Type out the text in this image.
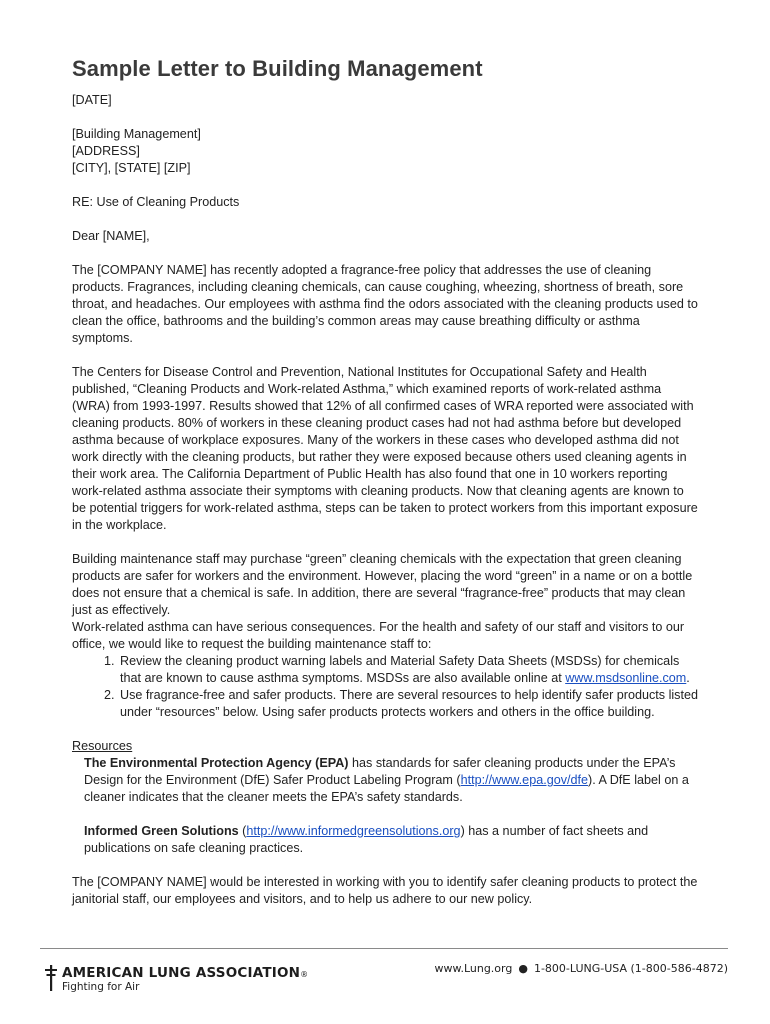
Sample Letter to Building Management

[DATE]

[Building Management]

[ADDRESS]

[CITY], [STATE] [ZIP]

RE: Use of Cleaning Products

Dear [NAME],

The [COMPANY NAME] has recently adopted a fragrance-free policy that addresses the use of cleaning products. Fragrances, including cleaning chemicals, can cause coughing, wheezing, shortness of breath, sore throat, and headaches. Our employees with asthma find the odors associated with the cleaning products used to clean the office, bathrooms and the building’s common areas may cause breathing difficulty or asthma symptoms.

The Centers for Disease Control and Prevention, National Institutes for Occupational Safety and Health published, “Cleaning Products and Work-related Asthma,” which examined reports of work-related asthma (WRA) from 1993-1997. Results showed that 12% of all confirmed cases of WRA reported were associated with cleaning products. 80% of workers in these cleaning product cases had not had asthma before but developed asthma because of workplace exposures. Many of the workers in these cases who developed asthma did not work directly with the cleaning products, but rather they were exposed because others used cleaning agents in their work area. The California Department of Public Health has also found that one in 10 workers reporting work-related asthma associate their symptoms with cleaning products. Now that cleaning agents are known to be potential triggers for work-related asthma, steps can be taken to protect workers from this important exposure in the workplace.

Building maintenance staff may purchase “green” cleaning chemicals with the expectation that green cleaning products are safer for workers and the environment. However, placing the word “green” in a name or on a bottle does not ensure that a chemical is safe. In addition, there are several “fragrance-free” products that may clean just as effectively.

Work-related asthma can have serious consequences. For the health and safety of our staff and visitors to our office, we would like to request the building maintenance staff to:

1. Review the cleaning product warning labels and Material Safety Data Sheets (MSDSs) for chemicals that are known to cause asthma symptoms. MSDSs are also available online at www.msdsonline.com.
2. Use fragrance-free and safer products. There are several resources to help identify safer products listed under “resources” below. Using safer products protects workers and others in the office building.

Resources

The Environmental Protection Agency (EPA) has standards for safer cleaning products under the EPA’s Design for the Environment (DfE) Safer Product Labeling Program (http://www.epa.gov/dfe). A DfE label on a cleaner indicates that the cleaner meets the EPA’s safety standards.

Informed Green Solutions (http://www.informedgreensolutions.org) has a number of fact sheets and publications on safe cleaning practices.

The [COMPANY NAME] would be interested in working with you to identify safer cleaning products to protect the janitorial staff, our employees and visitors, and to help us adhere to our new policy.

AMERICAN LUNG ASSOCIATION®
Fighting for Air
www.Lung.org ● 1-800-LUNG-USA (1-800-586-4872)
